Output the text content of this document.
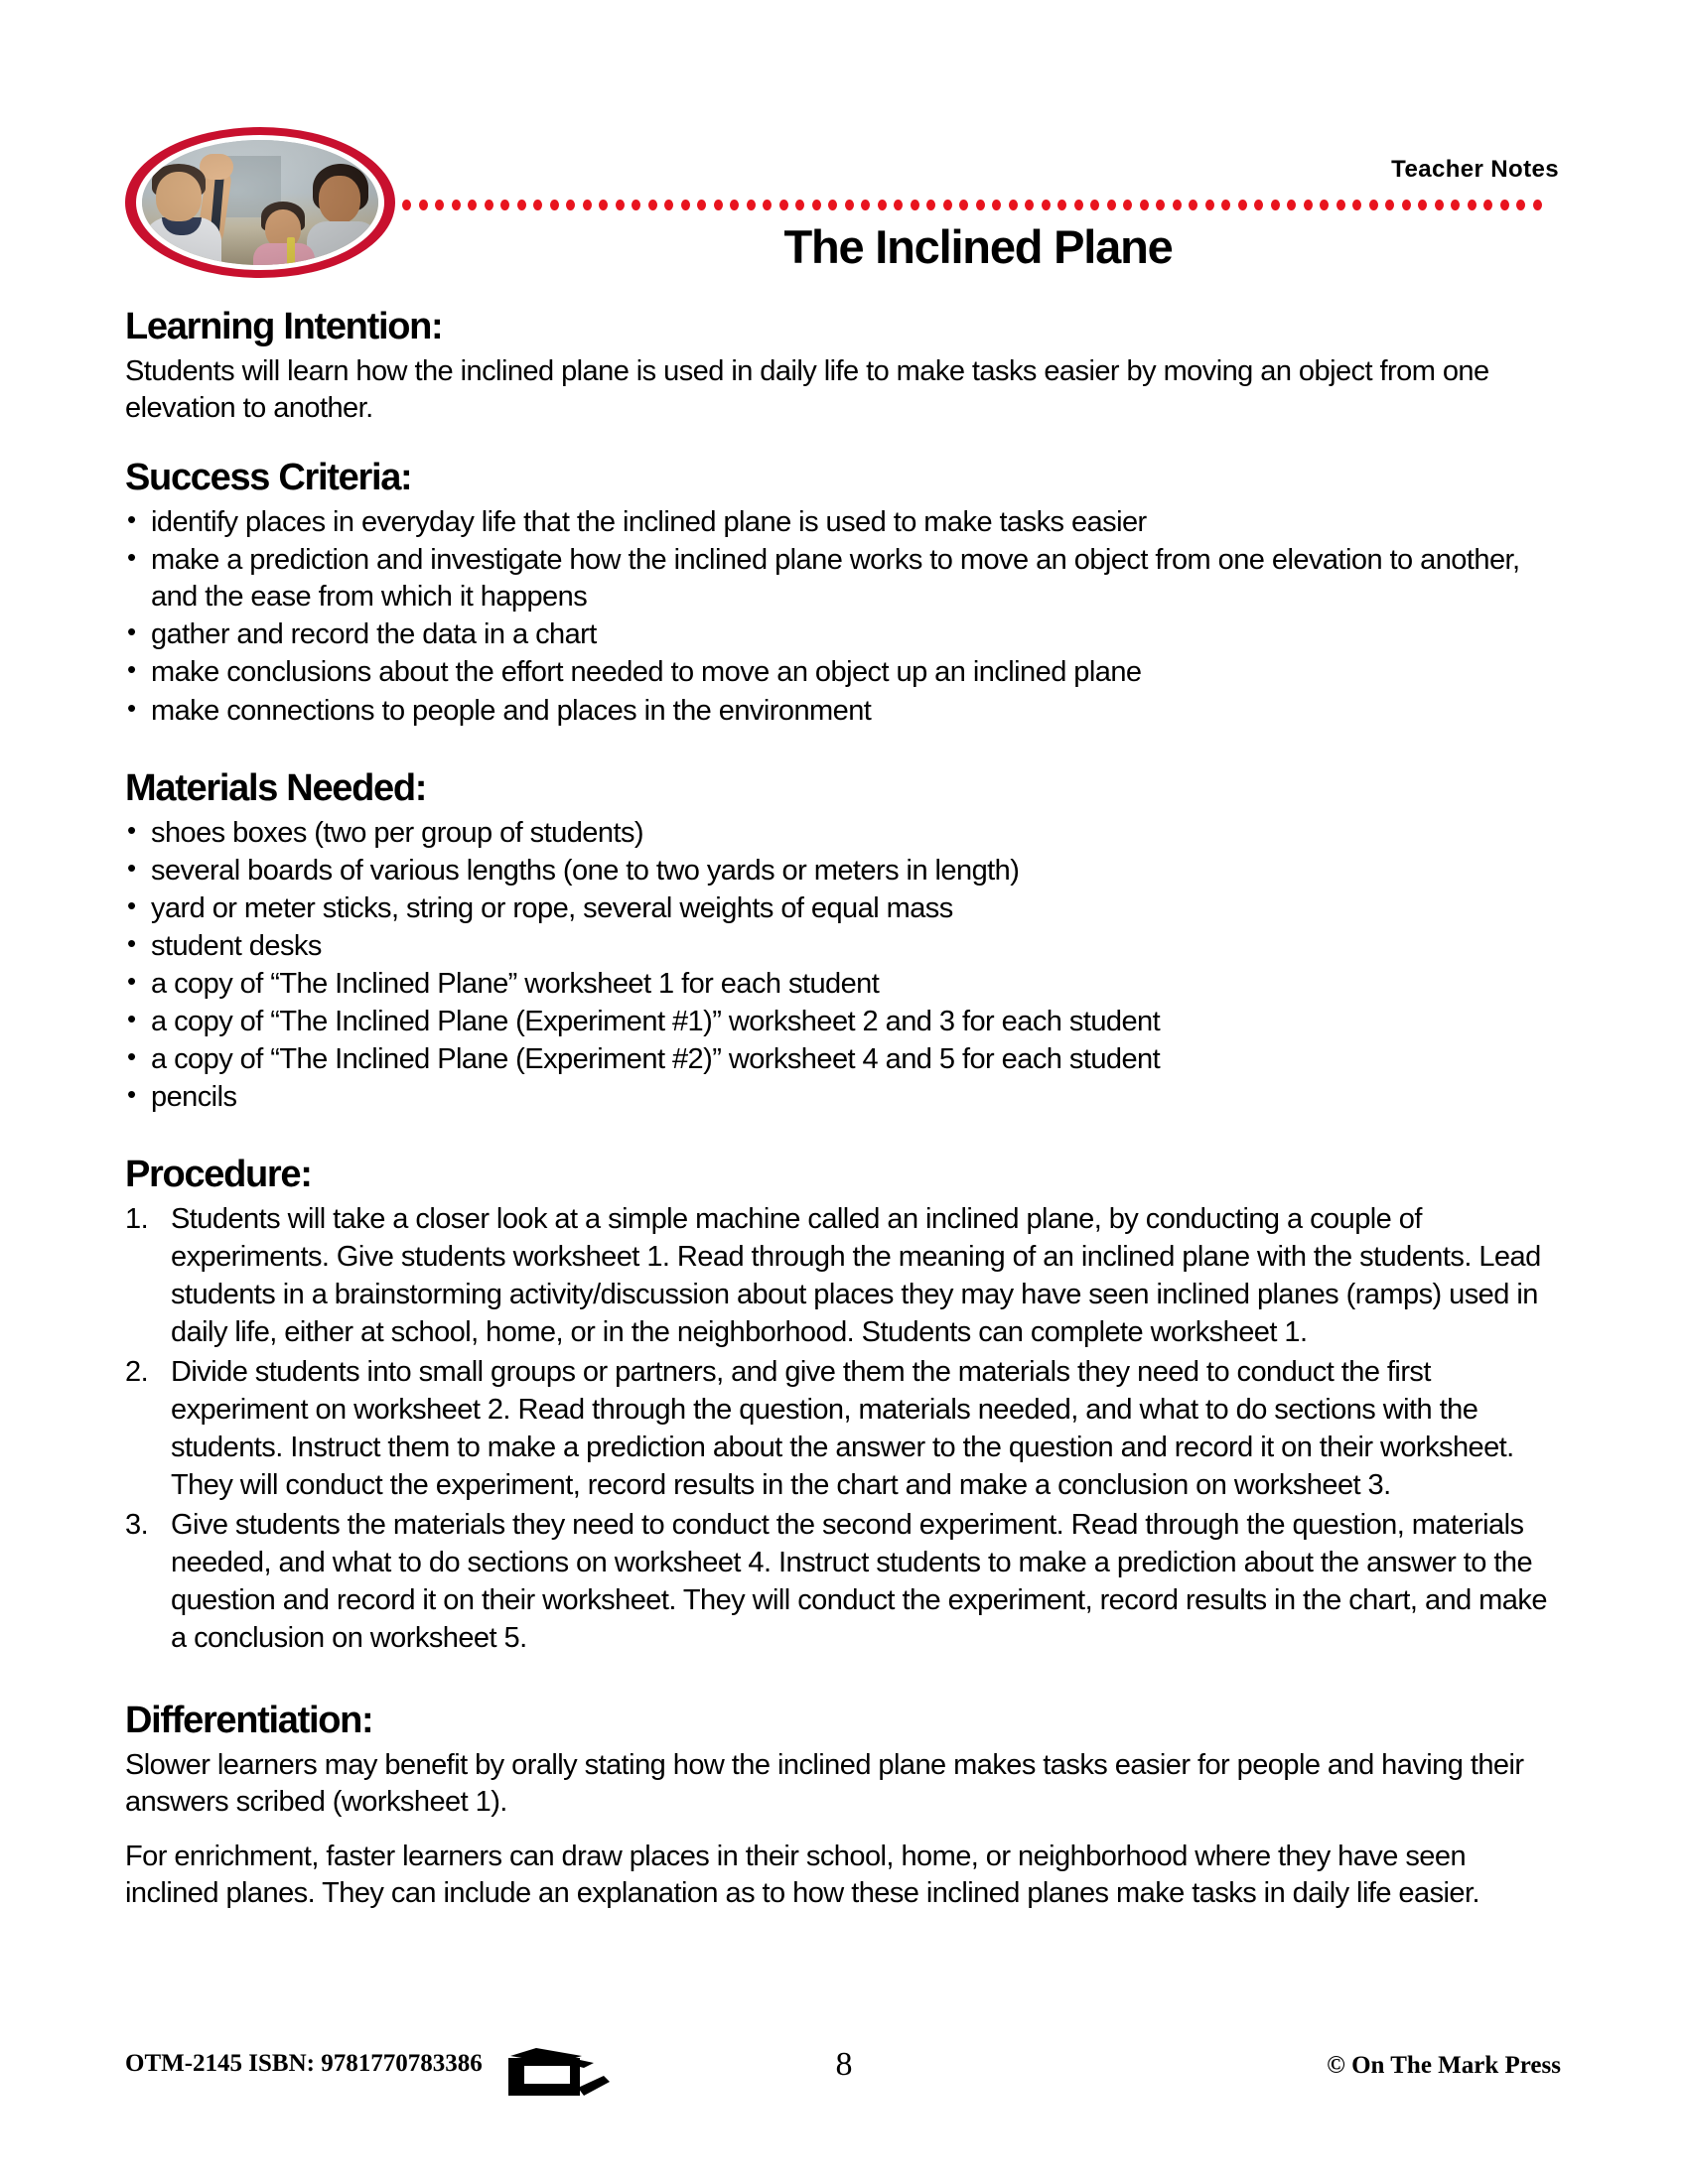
Teacher Notes
The Inclined Plane
Learning Intention:

Students will learn how the inclined plane is used in daily life to make tasks easier by moving an object from one elevation to another.

Success Criteria:
• identify places in everyday life that the inclined plane is used to make tasks easier
• make a prediction and investigate how the inclined plane works to move an object from one elevation to another, and the ease from which it happens
• gather and record the data in a chart
• make conclusions about the effort needed to move an object up an inclined plane
• make connections to people and places in the environment
Materials Needed:
• shoes boxes (two per group of students)
• several boards of various lengths (one to two yards or meters in length)
• yard or meter sticks, string or rope, several weights of equal mass
• student desks
• a copy of “The Inclined Plane” worksheet 1 for each student
• a copy of “The Inclined Plane (Experiment #1)” worksheet 2 and 3 for each student
• a copy of “The Inclined Plane (Experiment #2)” worksheet 4 and 5 for each student
• pencils
Procedure:
Students will take a closer look at a simple machine called an inclined plane, by conducting a couple of experiments. Give students worksheet 1. Read through the meaning of an inclined plane with the students. Lead students in a brainstorming activity/discussion about places they may have seen inclined planes (ramps) used in daily life, either at school, home, or in the neighborhood. Students can complete worksheet 1.
Divide students into small groups or partners, and give them the materials they need to conduct the first experiment on worksheet 2. Read through the question, materials needed, and what to do sections with the students. Instruct them to make a prediction about the answer to the question and record it on their worksheet. They will conduct the experiment, record results in the chart and make a conclusion on worksheet 3.
Give students the materials they need to conduct the second experiment. Read through the question, materials needed, and what to do sections on worksheet 4. Instruct students to make a prediction about the answer to the question and record it on their worksheet. They will conduct the experiment, record results in the chart, and make a conclusion on worksheet 5.
Differentiation:

Slower learners may benefit by orally stating how the inclined plane makes tasks easier for people and having their answers scribed (worksheet 1).

For enrichment, faster learners can draw places in their school, home, or neighborhood where they have seen inclined planes. They can include an explanation as to how these inclined planes make tasks in daily life easier.

OTM-2145 ISBN: 9781770783386	8	© On The Mark Press
